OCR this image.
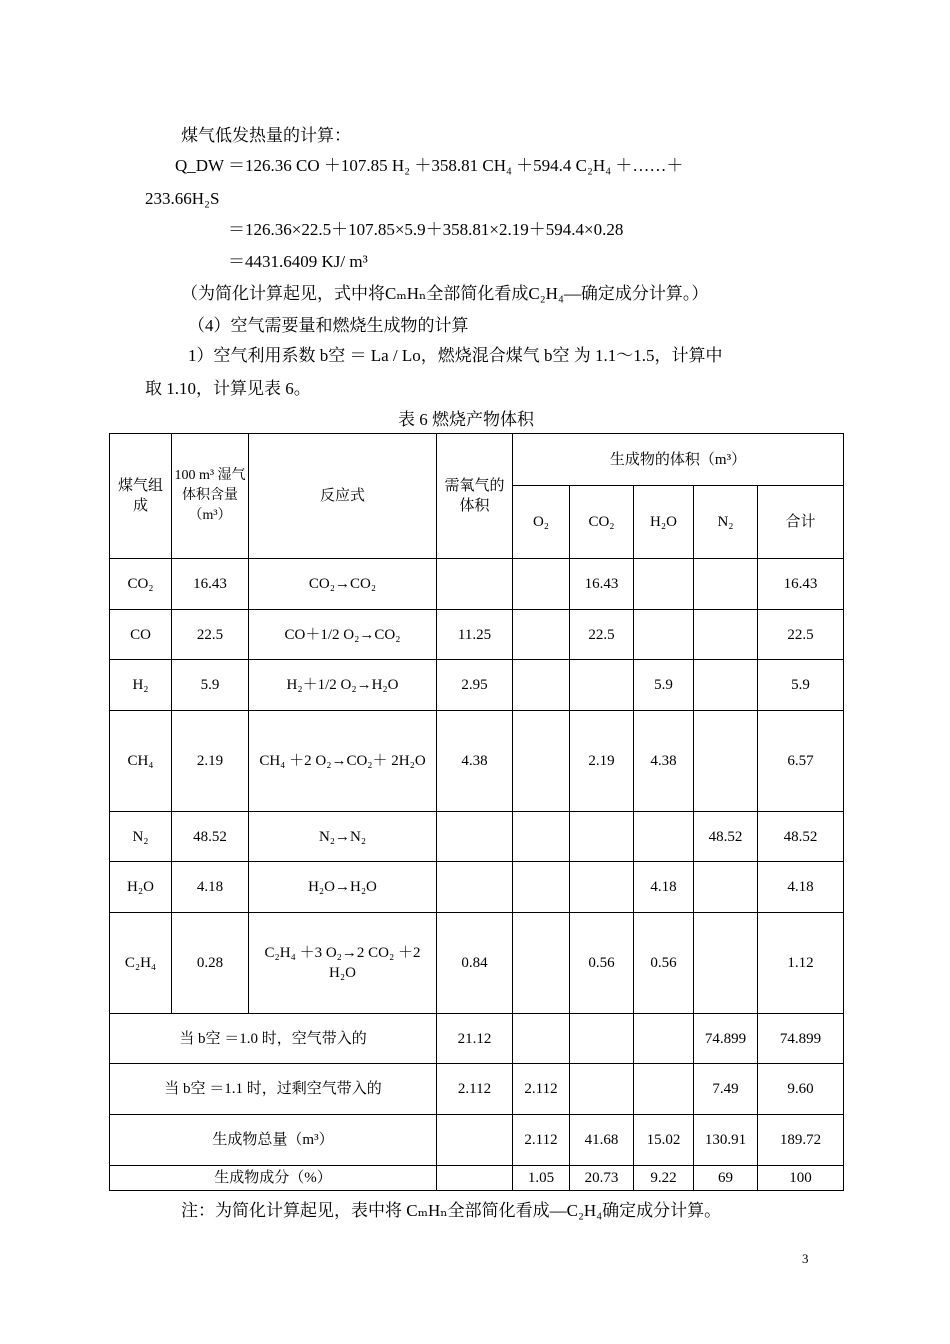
煤气低发热量的计算：
Q_DW ＝126.36 CO ＋107.85 H₂ ＋358.81 CH₄ ＋594.4 C₂H₄ ＋……＋
233.66H₂S
＝126.36×22.5＋107.85×5.9＋358.81×2.19＋594.4×0.28
＝4431.6409 KJ/ m³
（为简化计算起见，式中将CₘHₙ全部简化看成C₂H₄—确定成分计算。）
（4）空气需要量和燃烧生成物的计算
1）空气利用系数 b空 ＝ La / Lo，燃烧混合煤气 b空 为 1.1～1.5，计算中
取 1.10，计算见表 6。
表 6 燃烧产物体积
煤气组成	100 m³ 湿气体积含量（m³）	反应式	需氧气的体积	生成物的体积（m³）				
				O₂	CO₂	H₂O	N₂	合计
CO₂	16.43	CO₂→CO₂			16.43			16.43
CO	22.5	CO＋1/2 O₂→CO₂	11.25		22.5			22.5
H₂	5.9	H₂＋1/2 O₂→H₂O	2.95			5.9		5.9
CH₄	2.19	CH₄ ＋2 O₂→CO₂＋ 2H₂O	4.38		2.19	4.38		6.57
N₂	48.52	N₂→N₂					48.52	48.52
H₂O	4.18	H₂O→H₂O				4.18		4.18
C₂H₄	0.28	C₂H₄ ＋3 O₂→2 CO₂ ＋2 H₂O	0.84		0.56	0.56		1.12
当 b空 ＝1.0 时，空气带入的			21.12				74.899	74.899
当 b空 ＝1.1 时，过剩空气带入的			2.112	2.112			7.49	9.60
生成物总量（m³）				2.112	41.68	15.02	130.91	189.72
生成物成分（%）				1.05	20.73	9.22	69	100
注：为简化计算起见，表中将 CₘHₙ全部简化看成—C₂H₄确定成分计算。
3
